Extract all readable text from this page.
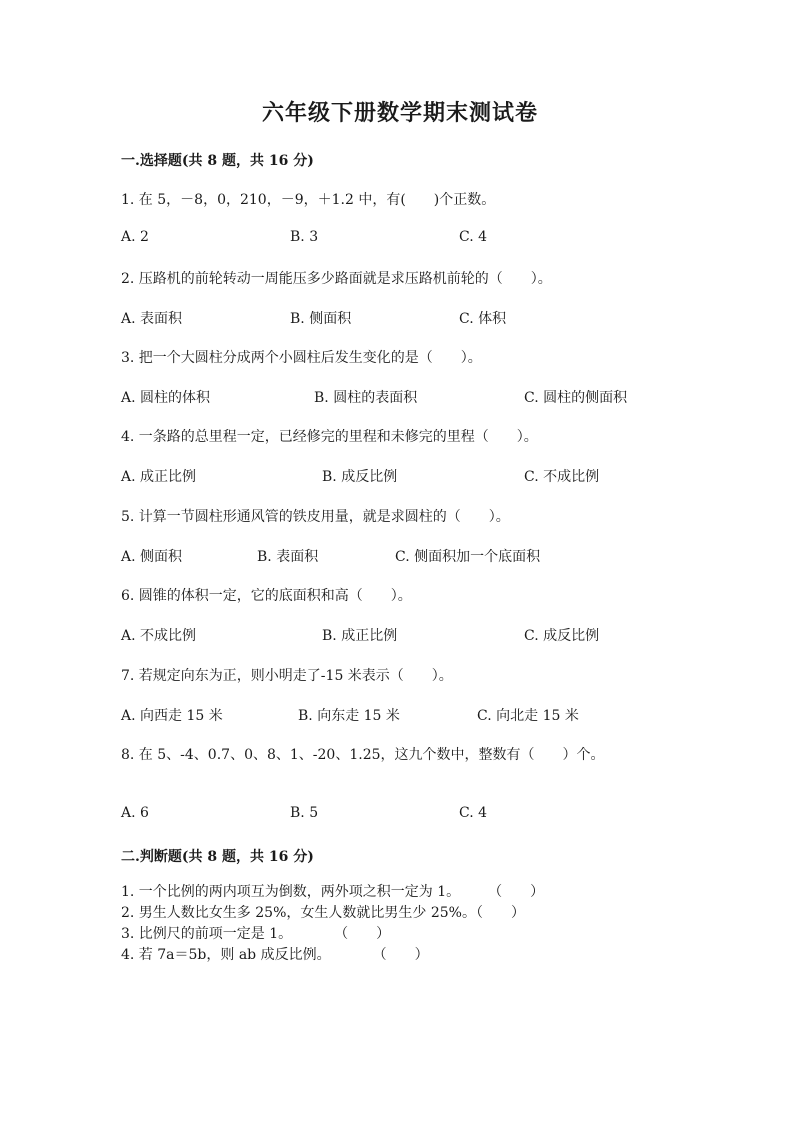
六年级下册数学期末测试卷
一.选择题(共 8 题，共 16 分)
1. 在 5，－8，0，210，－9，＋1.2 中，有(　　)个正数。
A. 2	B. 3	C. 4
2. 压路机的前轮转动一周能压多少路面就是求压路机前轮的（　　）。
A. 表面积	B. 侧面积	C. 体积
3. 把一个大圆柱分成两个小圆柱后发生变化的是（　　）。
A. 圆柱的体积	B. 圆柱的表面积	C. 圆柱的侧面积
4. 一条路的总里程一定，已经修完的里程和未修完的里程（　　）。
A. 成正比例	B. 成反比例	C. 不成比例
5. 计算一节圆柱形通风管的铁皮用量，就是求圆柱的（　　）。
A. 侧面积	B. 表面积	C. 侧面积加一个底面积
6. 圆锥的体积一定，它的底面积和高（　　）。
A. 不成比例	B. 成正比例	C. 成反比例
7. 若规定向东为正，则小明走了-15 米表示（　　）。
A. 向西走 15 米	B. 向东走 15 米	C. 向北走 15 米
8. 在 5、-4、0.7、0、8、1、-20、1.25，这九个数中，整数有（　　）个。
A. 6	B. 5	C. 4
二.判断题(共 8 题，共 16 分)
1. 一个比例的两内项互为倒数，两外项之积一定为 1。　　　（　　）
2. 男生人数比女生多 25%，女生人数就比男生少 25%。（　　）
3. 比例尺的前项一定是 1。　　　　（　　）
4. 若 7a＝5b，则 ab 成反比例。　　　　（　　）
